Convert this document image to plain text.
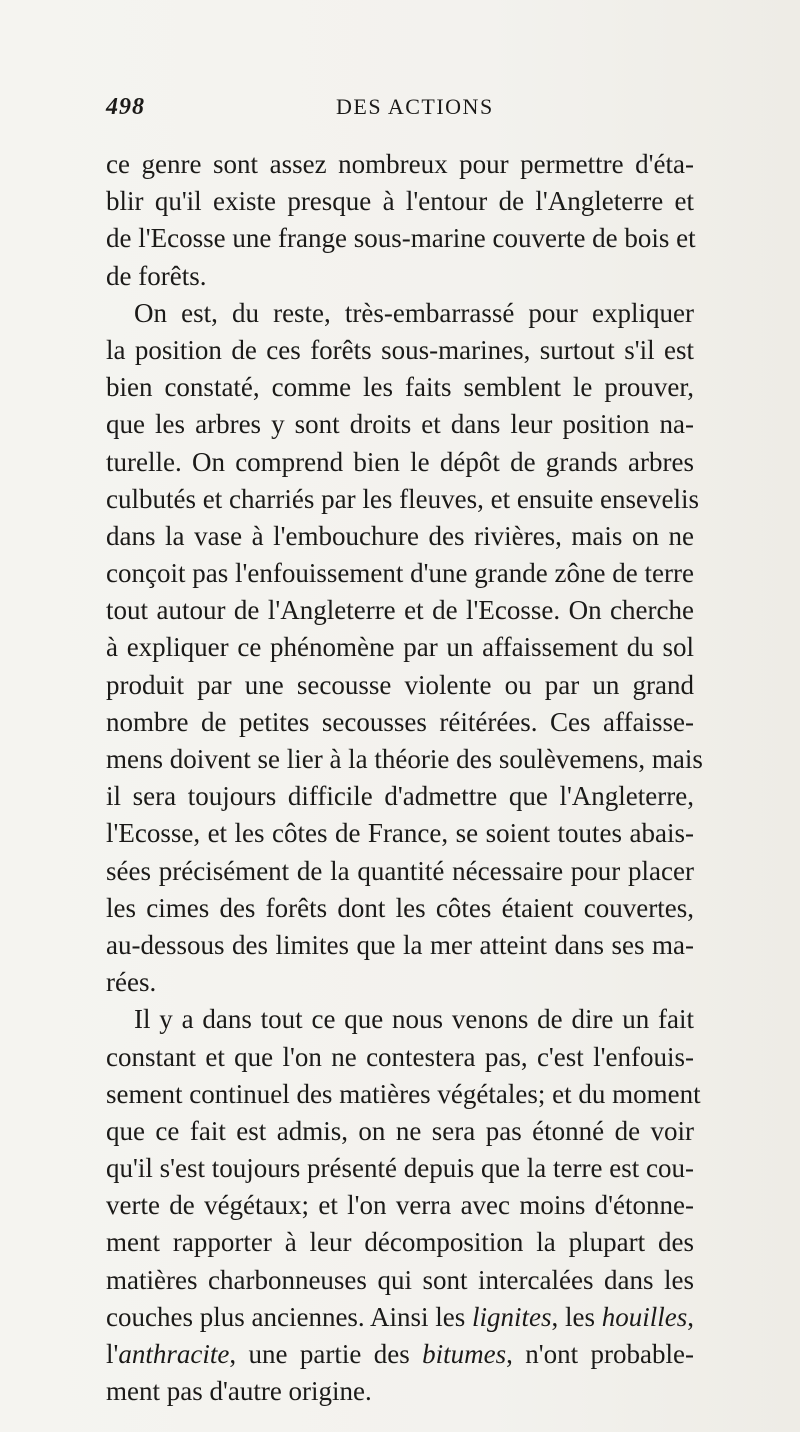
498	DES ACTIONS
ce genre sont assez nombreux pour permettre d'éta-
blir qu'il existe presque à l'entour de l'Angleterre et
de l'Ecosse une frange sous-marine couverte de bois et
de forêts.
On est, du reste, très-embarrassé pour expliquer
la position de ces forêts sous-marines, surtout s'il est
bien constaté, comme les faits semblent le prouver,
que les arbres y sont droits et dans leur position na-
turelle. On comprend bien le dépôt de grands arbres
culbutés et charriés par les fleuves, et ensuite ensevelis
dans la vase à l'embouchure des rivières, mais on ne
conçoit pas l'enfouissement d'une grande zône de terre
tout autour de l'Angleterre et de l'Ecosse. On cherche
à expliquer ce phénomène par un affaissement du sol
produit par une secousse violente ou par un grand
nombre de petites secousses réitérées. Ces affaisse-
mens doivent se lier à la théorie des soulèvemens, mais
il sera toujours difficile d'admettre que l'Angleterre,
l'Ecosse, et les côtes de France, se soient toutes abais-
sées précisément de la quantité nécessaire pour placer
les cimes des forêts dont les côtes étaient couvertes,
au-dessous des limites que la mer atteint dans ses ma-
rées.
Il y a dans tout ce que nous venons de dire un fait
constant et que l'on ne contestera pas, c'est l'enfouis-
sement continuel des matières végétales; et du moment
que ce fait est admis, on ne sera pas étonné de voir
qu'il s'est toujours présenté depuis que la terre est cou-
verte de végétaux; et l'on verra avec moins d'étonne-
ment rapporter à leur décomposition la plupart des
matières charbonneuses qui sont intercalées dans les
couches plus anciennes. Ainsi les lignites, les houilles,
l'anthracite, une partie des bitumes, n'ont probable-
ment pas d'autre origine.
